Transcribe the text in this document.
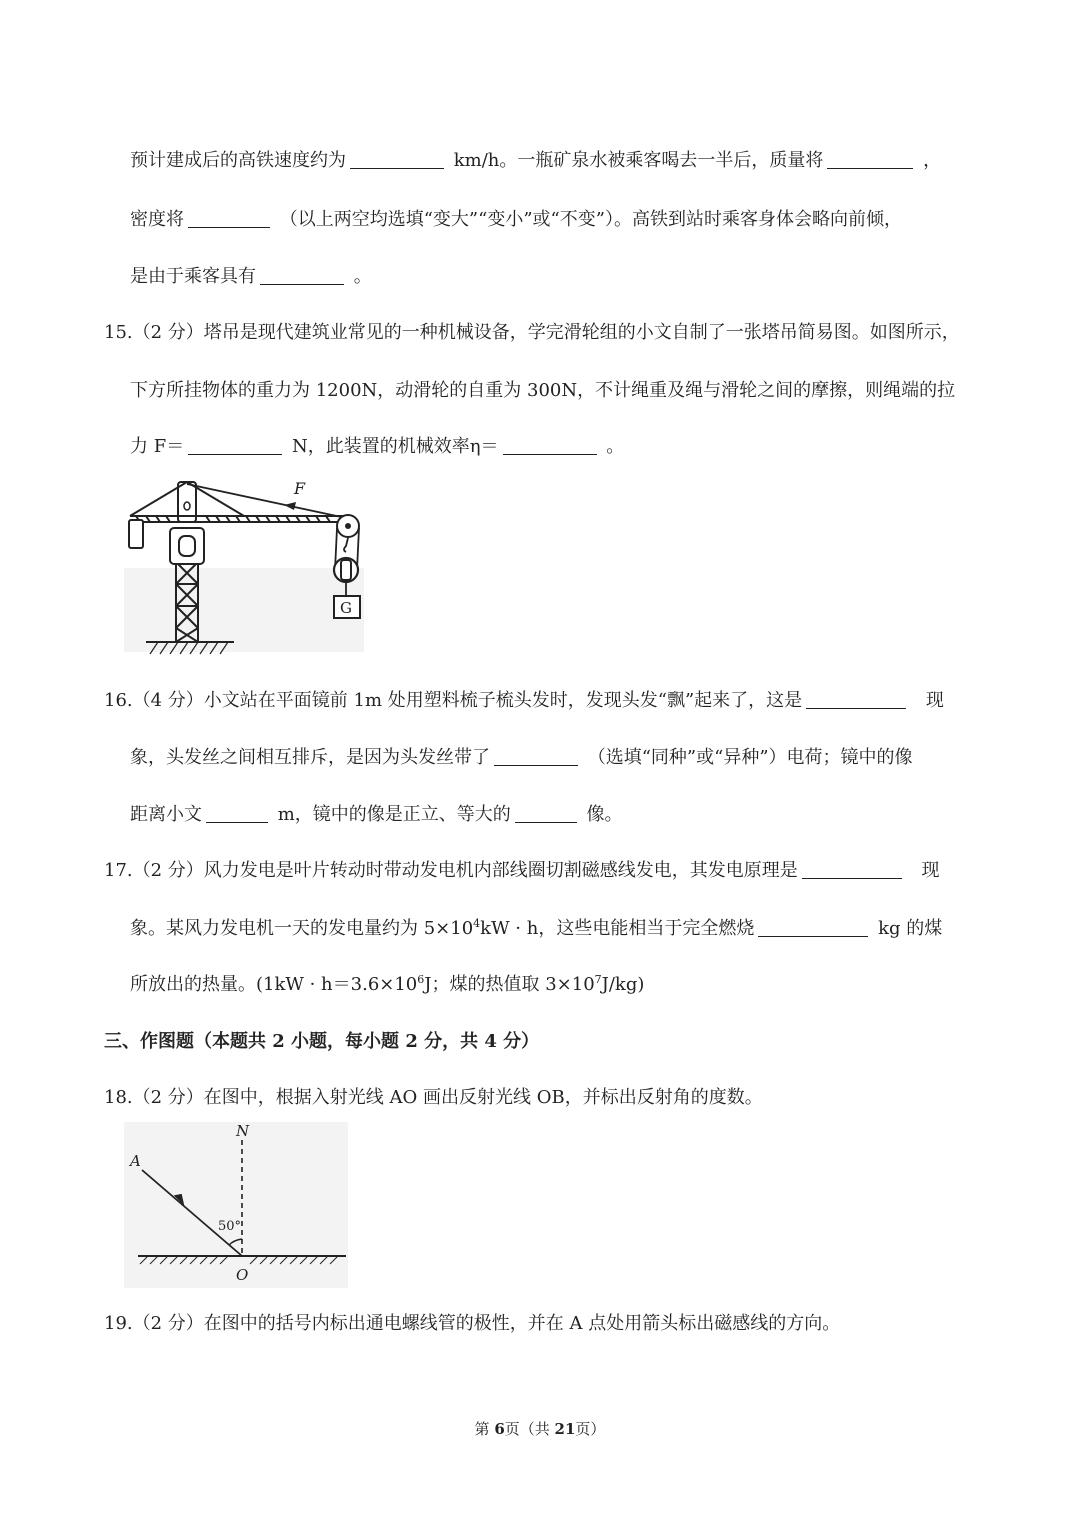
预计建成后的高铁速度约为	km/h。一瓶矿泉水被乘客喝去一半后，质量将	，
密度将	（以上两空均选填“变大”“变小”或“不变”）。高铁到站时乘客身体会略向前倾，
是由于乘客具有	。
15.（2 分）塔吊是现代建筑业常见的一种机械设备，学完滑轮组的小文自制了一张塔吊简易图。如图所示，
下方所挂物体的重力为 1200N，动滑轮的自重为 300N，不计绳重及绳与滑轮之间的摩擦，则绳端的拉
力 F＝	N，此装置的机械效率η＝	。
F
G
16.（4 分）小文站在平面镜前 1m 处用塑料梳子梳头发时，发现头发“飘”起来了，这是	现
象，头发丝之间相互排斥，是因为头发丝带了	（选填“同种”或“异种”）电荷；镜中的像
距离小文	m，镜中的像是正立、等大的	像。
17.（2 分）风力发电是叶片转动时带动发电机内部线圈切割磁感线发电，其发电原理是	现
象。某风力发电机一天的发电量约为 $5\times 10^4kW \cdot h$，这些电能相当于完全燃烧	kg 的煤
所放出的热量。($1kW \cdot h=3.6\times 10^6J$；煤的热值取 $3\times 10^7J/kg$)
三、作图题（本题共 2 小题，每小题 2 分，共 4 分）
18.（2 分）在图中，根据入射光线 AO 画出反射光线 OB，并标出反射角的度数。
N
A
50°
O
19.（2 分）在图中的括号内标出通电螺线管的极性，并在 A 点处用箭头标出磁感线的方向。
第 6页（共 21页）
